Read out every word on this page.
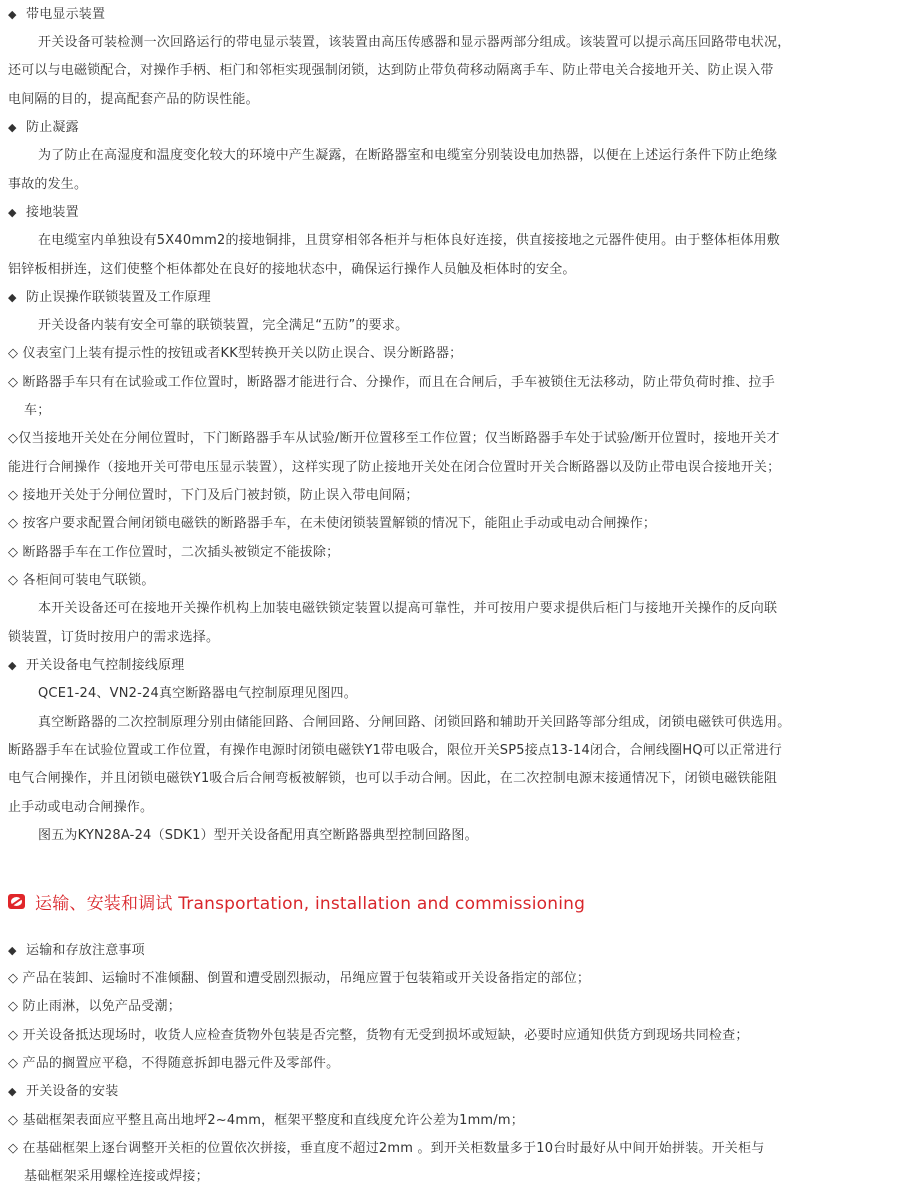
◆ 带电显示装置
开关设备可装检测一次回路运行的带电显示装置，该装置由高压传感器和显示器两部分组成。该装置可以提示高压回路带电状况，
还可以与电磁锁配合，对操作手柄、柜门和邻柜实现强制闭锁，达到防止带负荷移动隔离手车、防止带电关合接地开关、防止误入带
电间隔的目的，提高配套产品的防误性能。
◆ 防止凝露
为了防止在高湿度和温度变化较大的环境中产生凝露，在断路器室和电缆室分别装设电加热器，以便在上述运行条件下防止绝缘
事故的发生。
◆ 接地装置
在电缆室内单独设有5X40mm2的接地铜排，且贯穿相邻各柜并与柜体良好连接，供直接接地之元器件使用。由于整体柜体用敷
铝锌板相拼连，这们使整个柜体都处在良好的接地状态中，确保运行操作人员触及柜体时的安全。
◆ 防止误操作联锁装置及工作原理
开关设备内装有安全可靠的联锁装置，完全满足“五防”的要求。
◇ 仪表室门上装有提示性的按钮或者KK型转换开关以防止误合、误分断路器；
◇ 断路器手车只有在试验或工作位置时，断路器才能进行合、分操作，而且在合闸后，手车被锁住无法移动，防止带负荷时推、拉手
车；
◇仅当接地开关处在分闸位置时，下门断路器手车从试验/断开位置移至工作位置；仅当断路器手车处于试验/断开位置时，接地开关才
能进行合闸操作（接地开关可带电压显示装置），这样实现了防止接地开关处在闭合位置时开关合断路器以及防止带电误合接地开关；
◇ 接地开关处于分闸位置时，下门及后门被封锁，防止误入带电间隔；
◇ 按客户要求配置合闸闭锁电磁铁的断路器手车，在未使闭锁装置解锁的情况下，能阻止手动或电动合闸操作；
◇ 断路器手车在工作位置时，二次插头被锁定不能拔除；
◇ 各柜间可装电气联锁。
本开关设备还可在接地开关操作机构上加装电磁铁锁定装置以提高可靠性，并可按用户要求提供后柜门与接地开关操作的反向联
锁装置，订货时按用户的需求选择。
◆ 开关设备电气控制接线原理
QCE1-24、VN2-24真空断路器电气控制原理见图四。
真空断路器的二次控制原理分别由储能回路、合闸回路、分闸回路、闭锁回路和辅助开关回路等部分组成，闭锁电磁铁可供选用。
断路器手车在试验位置或工作位置，有操作电源时闭锁电磁铁Y1带电吸合，限位开关SP5接点13-14闭合，合闸线圈HQ可以正常进行
电气合闸操作，并且闭锁电磁铁Y1吸合后合闸弯板被解锁，也可以手动合闸。因此，在二次控制电源末接通情况下，闭锁电磁铁能阻
止手动或电动合闸操作。
图五为KYN28A-24（SDK1）型开关设备配用真空断路器典型控制回路图。
运输、安装和调试 Transportation, installation and commissioning
◆ 运输和存放注意事项
◇ 产品在装卸、运输时不准倾翻、倒置和遭受剧烈振动，吊绳应置于包装箱或开关设备指定的部位；
◇ 防止雨淋，以免产品受潮；
◇ 开关设备抵达现场时，收货人应检查货物外包装是否完整，货物有无受到损坏或短缺，必要时应通知供货方到现场共同检查；
◇ 产品的搁置应平稳，不得随意拆卸电器元件及零部件。
◆ 开关设备的安装
◇ 基础框架表面应平整且高出地坪2~4mm，框架平整度和直线度允许公差为1mm/m；
◇ 在基础框架上逐台调整开关柜的位置依次拼接，垂直度不超过2mm 。到开关柜数量多于10台时最好从中间开始拼装。开关柜与
基础框架采用螺栓连接或焊接；
